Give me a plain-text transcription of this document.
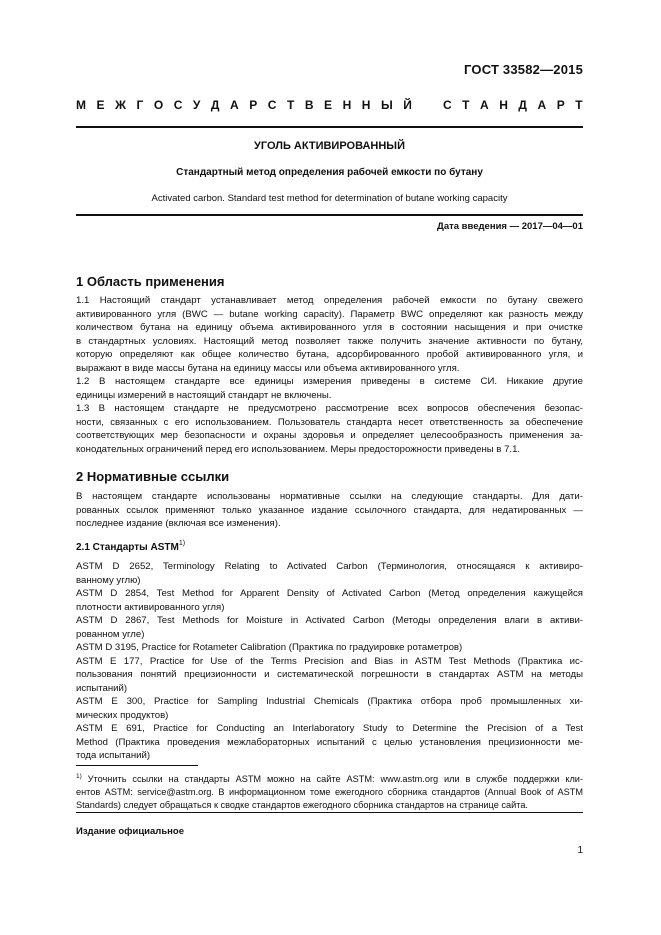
ГОСТ 33582—2015
М Е Ж Г О С У Д А Р С Т В Е Н Н Ы Й	С Т А Н Д А Р Т
УГОЛЬ АКТИВИРОВАННЫЙ
Стандартный метод определения рабочей емкости по бутану
Activated carbon. Standard test method for determination of butane working capacity
Дата введения — 2017—04—01
1 Область применения
1.1 Настоящий стандарт устанавливает метод определения рабочей емкости по бутану свежего
активированного угля (BWC — butane working capacity). Параметр BWC определяют как разность между
количеством бутана на единицу объема активированного угля в состоянии насыщения и при очистке
в стандартных условиях. Настоящий метод позволяет также получить значение активности по бутану,
которую определяют как общее количество бутана, адсорбированного пробой активированного угля, и
выражают в виде массы бутана на единицу массы или объема активированного угля.
1.2 В настоящем стандарте все единицы измерения приведены в системе СИ. Никакие другие
единицы измерений в настоящий стандарт не включены.
1.3 В настоящем стандарте не предусмотрено рассмотрение всех вопросов обеспечения безопас-
ности, связанных с его использованием. Пользователь стандарта несет ответственность за обеспечение
соответствующих мер безопасности и охраны здоровья и определяет целесообразность применения за-
конодательных ограничений перед его использованием. Меры предосторожности приведены в 7.1.
2 Нормативные ссылки
В настоящем стандарте использованы нормативные ссылки на следующие стандарты. Для дати-
рованных ссылок применяют только указанное издание ссылочного стандарта, для недатированных —
последнее издание (включая все изменения).
2.1 Стандарты ASTM$^{1)}$
ASTM D 2652, Terminology Relating to Activated Carbon (Терминология, относящаяся к активиро-
ванному углю)
ASTM D 2854, Test Method for Apparent Density of Activated Carbon (Метод определения кажущейся
плотности активированного угля)
ASTM D 2867, Test Methods for Moisture in Activated Carbon (Методы определения влаги в активи-
рованном угле)
ASTM D 3195, Practice for Rotameter Calibration (Практика по градуировке ротаметров)
ASTM E 177, Practice for Use of the Terms Precision and Bias in ASTM Test Methods (Практика ис-
пользования понятий прецизионности и систематической погрешности в стандартах ASTM на методы
испытаний)
ASTM E 300, Practice for Sampling Industrial Chemicals (Практика отбора проб промышленных хи-
мических продуктов)
ASTM E 691, Practice for Conducting an Interlaboratory Study to Determine the Precision of a Test
Method (Практика проведения межлабораторных испытаний с целью установления прецизионности ме-
тода испытаний)
$^{1)}$ Уточнить ссылки на стандарты ASTM можно на сайте ASTM: www.astm.org или в службе поддержки кли-
ентов ASTM: service@astm.org. В информационном томе ежегодного сборника стандартов (Annual Book of ASTM
Standards) следует обращаться к сводке стандартов ежегодного сборника стандартов на странице сайта.
Издание официальное
1
